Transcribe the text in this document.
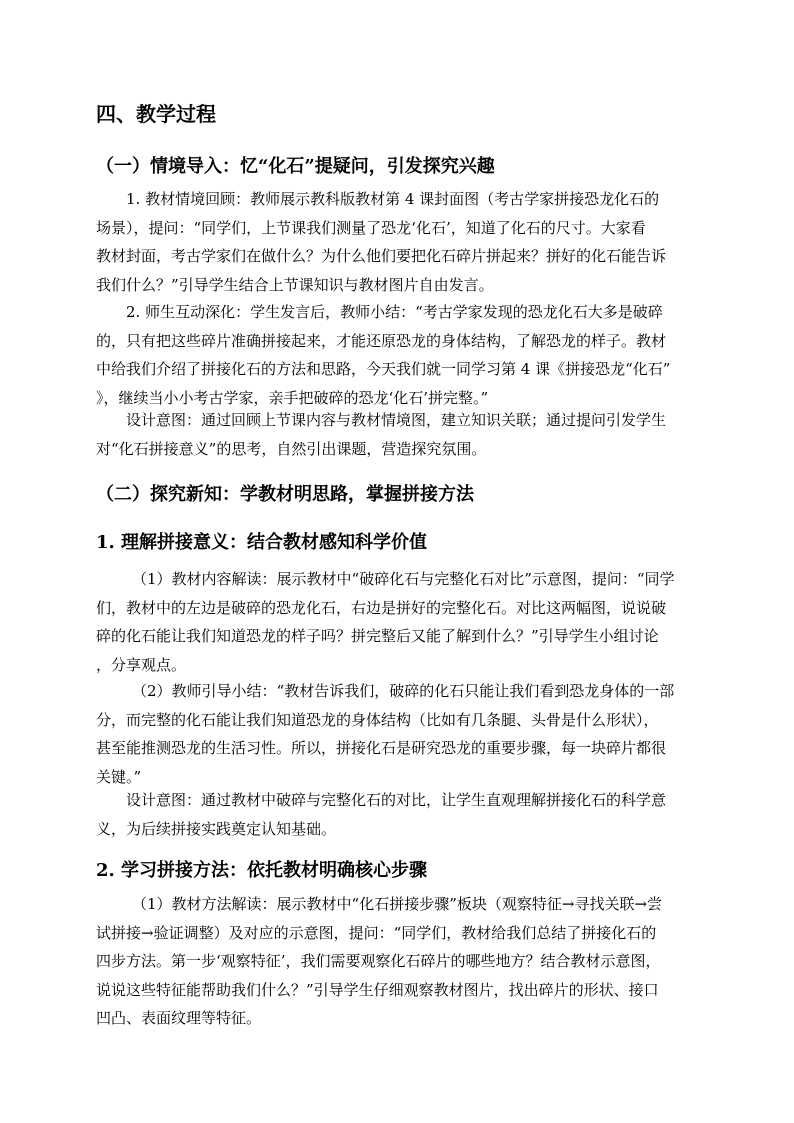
四、教学过程
（一）情境导入：忆“化石”提疑问，引发探究兴趣
1. 教材情境回顾：教师展示教科版教材第 4 课封面图（考古学家拼接恐龙化石的
场景），提问：“同学们，上节课我们测量了恐龙‘化石’，知道了化石的尺寸。大家看
教材封面，考古学家们在做什么？为什么他们要把化石碎片拼起来？拼好的化石能告诉
我们什么？”引导学生结合上节课知识与教材图片自由发言。
2. 师生互动深化：学生发言后，教师小结：“考古学家发现的恐龙化石大多是破碎
的，只有把这些碎片准确拼接起来，才能还原恐龙的身体结构，了解恐龙的样子。教材
中给我们介绍了拼接化石的方法和思路，今天我们就一同学习第 4 课《拼接恐龙“化石”
》，继续当小小考古学家，亲手把破碎的恐龙‘化石’拼完整。”
设计意图：通过回顾上节课内容与教材情境图，建立知识关联；通过提问引发学生
对“化石拼接意义”的思考，自然引出课题，营造探究氛围。
（二）探究新知：学教材明思路，掌握拼接方法
1. 理解拼接意义：结合教材感知科学价值
（1）教材内容解读：展示教材中“破碎化石与完整化石对比”示意图，提问：“同学
们，教材中的左边是破碎的恐龙化石，右边是拼好的完整化石。对比这两幅图，说说破
碎的化石能让我们知道恐龙的样子吗？拼完整后又能了解到什么？”引导学生小组讨论
，分享观点。
（2）教师引导小结：“教材告诉我们，破碎的化石只能让我们看到恐龙身体的一部
分，而完整的化石能让我们知道恐龙的身体结构（比如有几条腿、头骨是什么形状），
甚至能推测恐龙的生活习性。所以，拼接化石是研究恐龙的重要步骤，每一块碎片都很
关键。”
设计意图：通过教材中破碎与完整化石的对比，让学生直观理解拼接化石的科学意
义，为后续拼接实践奠定认知基础。
2. 学习拼接方法：依托教材明确核心步骤
（1）教材方法解读：展示教材中“化石拼接步骤”板块（观察特征→寻找关联→尝
试拼接→验证调整）及对应的示意图，提问：“同学们，教材给我们总结了拼接化石的
四步方法。第一步‘观察特征’，我们需要观察化石碎片的哪些地方？结合教材示意图，
说说这些特征能帮助我们什么？”引导学生仔细观察教材图片，找出碎片的形状、接口
凹凸、表面纹理等特征。
